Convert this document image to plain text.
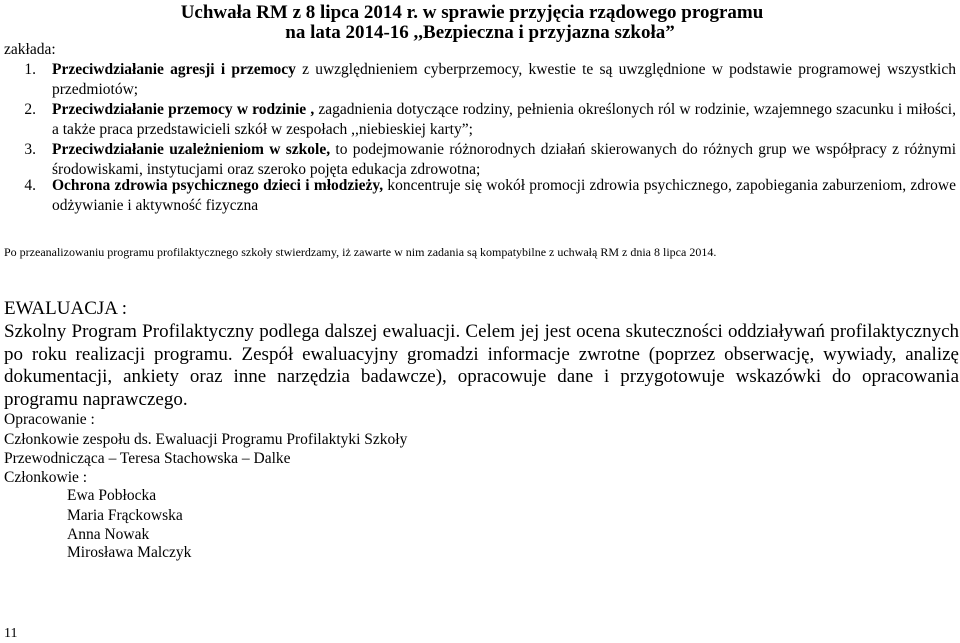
Uchwała RM z 8 lipca 2014 r. w sprawie przyjęcia rządowego programu
na lata 2014-16 ,,Bezpieczna i przyjazna szkoła”
zakłada:
1.	Przeciwdziałanie agresji i przemocy z uwzględnieniem cyberprzemocy, kwestie te są uwzględnione w podstawie programowej wszystkich przedmiotów;
2.	Przeciwdziałanie przemocy w rodzinie , zagadnienia dotyczące rodziny, pełnienia określonych ról w rodzinie, wzajemnego szacunku i miłości, a także praca przedstawicieli szkół w zespołach ,,niebieskiej karty”;
3.	Przeciwdziałanie uzależnieniom w szkole, to podejmowanie różnorodnych działań skierowanych do różnych grup we współpracy z różnymi środowiskami, instytucjami oraz szeroko pojęta edukacja zdrowotna;
4.	Ochrona zdrowia psychicznego dzieci i młodzieży, koncentruje się wokół promocji zdrowia psychicznego, zapobiegania zaburzeniom, zdrowe odżywianie i aktywność fizyczna
Po przeanalizowaniu programu profilaktycznego szkoły stwierdzamy, iż zawarte w nim zadania są kompatybilne z uchwałą RM z dnia 8 lipca 2014.
EWALUACJA :
Szkolny Program Profilaktyczny podlega dalszej ewaluacji. Celem jej jest ocena skuteczności oddziaływań profilaktycznych po roku realizacji programu. Zespół ewaluacyjny gromadzi informacje zwrotne (poprzez obserwację, wywiady, analizę dokumentacji, ankiety oraz inne narzędzia badawcze), opracowuje dane i przygotowuje wskazówki do opracowania programu naprawczego.
Opracowanie :
Członkowie zespołu ds. Ewaluacji Programu Profilaktyki Szkoły
Przewodnicząca – Teresa Stachowska – Dalke
Członkowie :
Ewa Pobłocka
Maria Frąckowska
Anna Nowak
Mirosława Malczyk
11
